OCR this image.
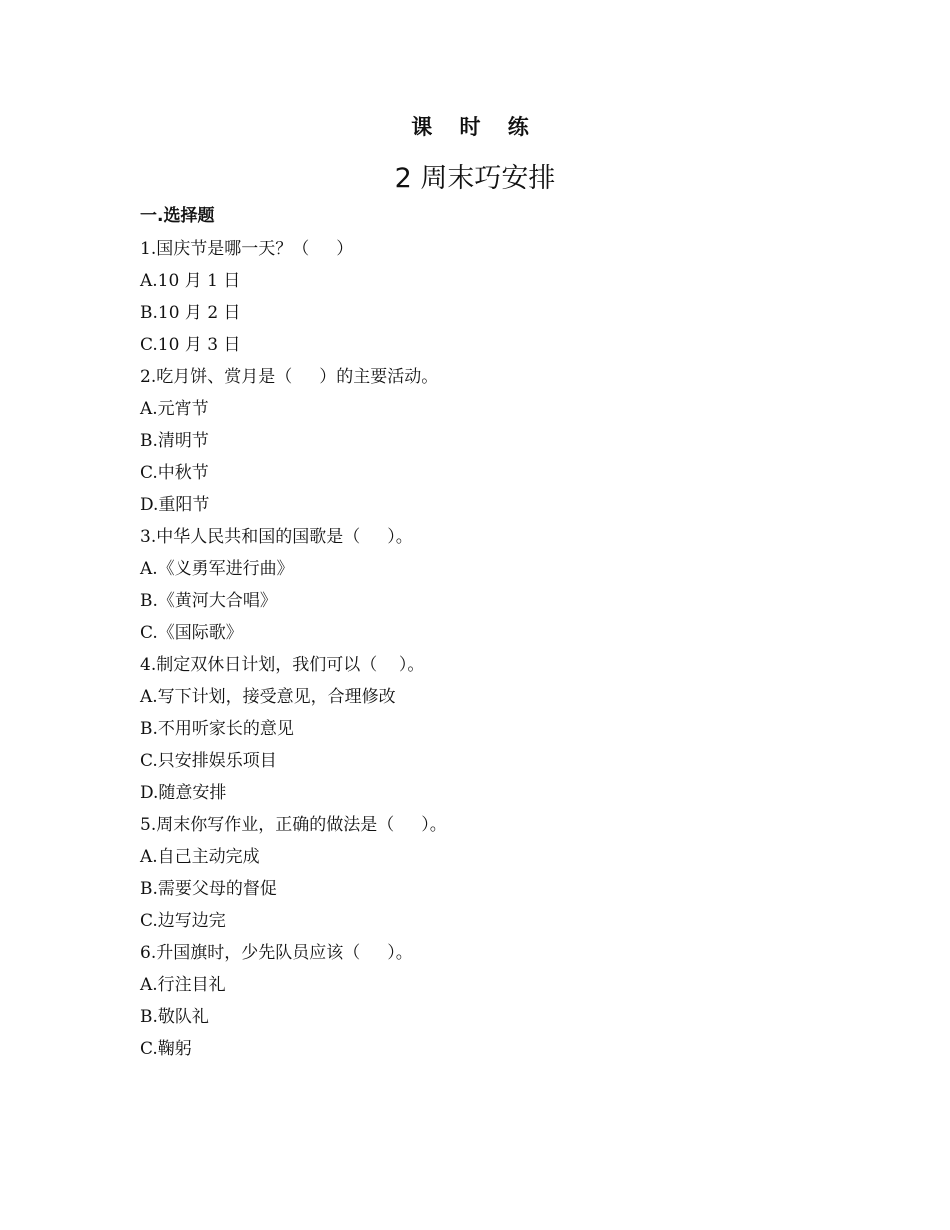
课 时 练
2 周末巧安排
一.选择题
1.国庆节是哪一天？（     ）
A.10 月 1 日
B.10 月 2 日
C.10 月 3 日
2.吃月饼、赏月是（     ）的主要活动。
A.元宵节
B.清明节
C.中秋节
D.重阳节
3.中华人民共和国的国歌是（     ）。
A.《义勇军进行曲》
B.《黄河大合唱》
C.《国际歌》
4.制定双休日计划，我们可以（    ）。
A.写下计划，接受意见，合理修改
B.不用听家长的意见
C.只安排娱乐项目
D.随意安排
5.周末你写作业，正确的做法是（     ）。
A.自己主动完成
B.需要父母的督促
C.边写边完
6.升国旗时，少先队员应该（     ）。
A.行注目礼
B.敬队礼
C.鞠躬
